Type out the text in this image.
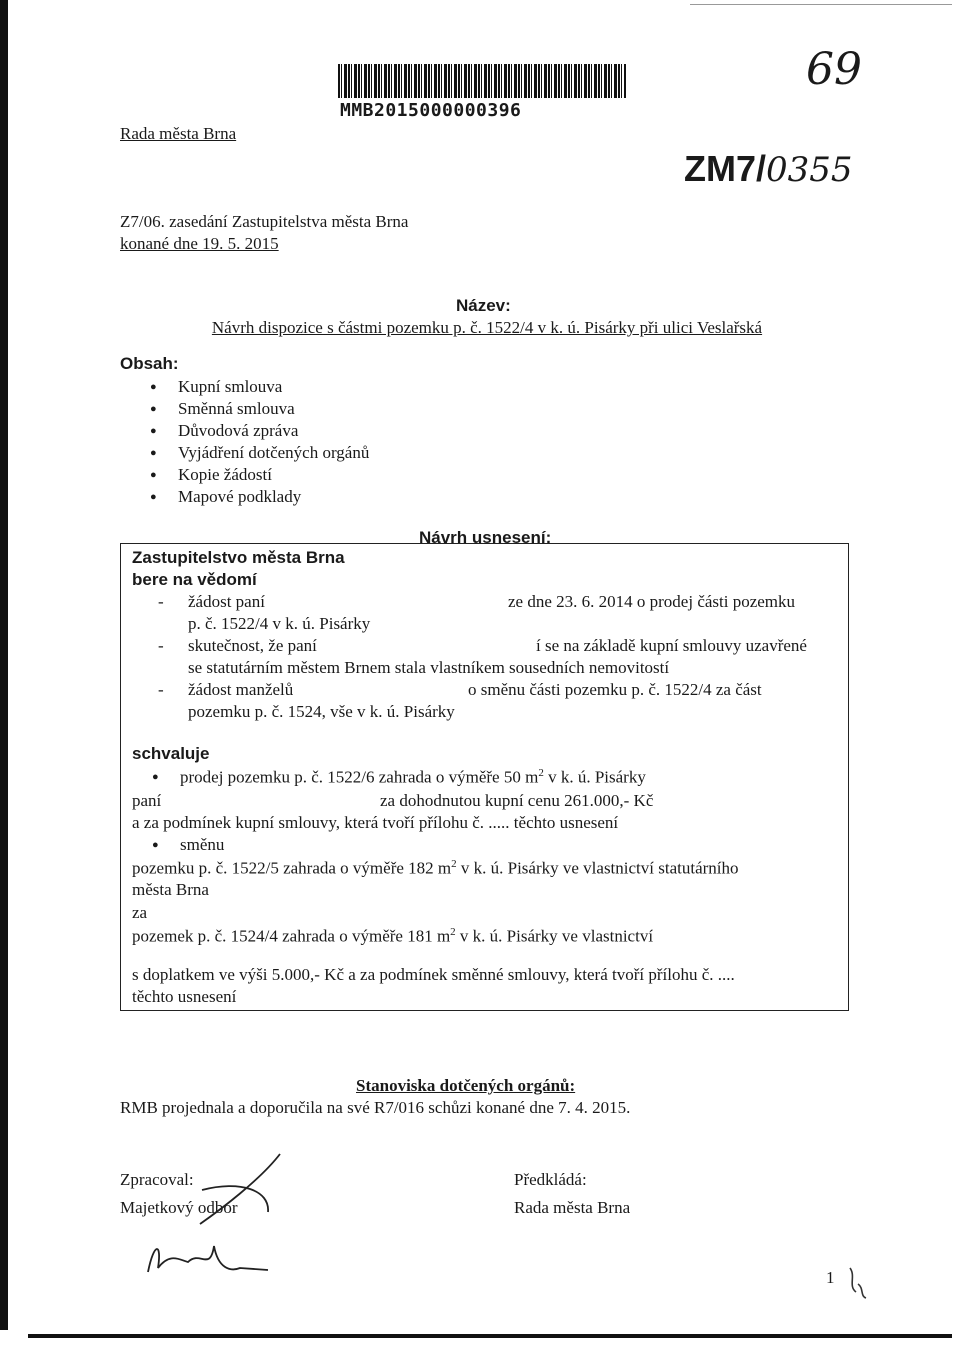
Rada města Brna
MMB2015000000396
69
ZM7/0355
Z7/06. zasedání Zastupitelstva města Brna
konané dne 19. 5. 2015
Název:
Návrh dispozice s částmi pozemku p. č. 1522/4 v k. ú. Pisárky při ulici Veslařská
Obsah:
● Kupní smlouva
● Směnná smlouva
● Důvodová zpráva
● Vyjádření dotčených orgánů
● Kopie žádostí
● Mapové podklady
Návrh usnesení:
Zastupitelstvo města Brna
bere na vědomí
- žádost paní	ze dne 23. 6. 2014 o prodej části pozemku
p. č. 1522/4 v k. ú. Pisárky
- skutečnost, že paní	í se na základě kupní smlouvy uzavřené
se statutárním městem Brnem stala vlastníkem sousedních nemovitostí
- žádost manželů	o směnu části pozemku p. č. 1522/4 za část
pozemku p. č. 1524, vše v k. ú. Pisárky
schvaluje
● prodej pozemku p. č. 1522/6 zahrada o výměře 50 $m^2$ v k. ú. Pisárky
paní	za dohodnutou kupní cenu 261.000,- Kč
a za podmínek kupní smlouvy, která tvoří přílohu č. ..... těchto usnesení
● směnu
pozemku p. č. 1522/5 zahrada o výměře 182 $m^2$ v k. ú. Pisárky ve vlastnictví statutárního
města Brna
za
pozemek p. č. 1524/4 zahrada o výměře 181 $m^2$ v k. ú. Pisárky ve vlastnictví
s doplatkem ve výši 5.000,- Kč a za podmínek směnné smlouvy, která tvoří přílohu č. ....
těchto usnesení
Stanoviska dotčených orgánů:
RMB projednala a doporučila na své R7/016 schůzi konané dne 7. 4. 2015.
Zpracoval:
Majetkový odbor
Předkládá:
Rada města Brna
1
